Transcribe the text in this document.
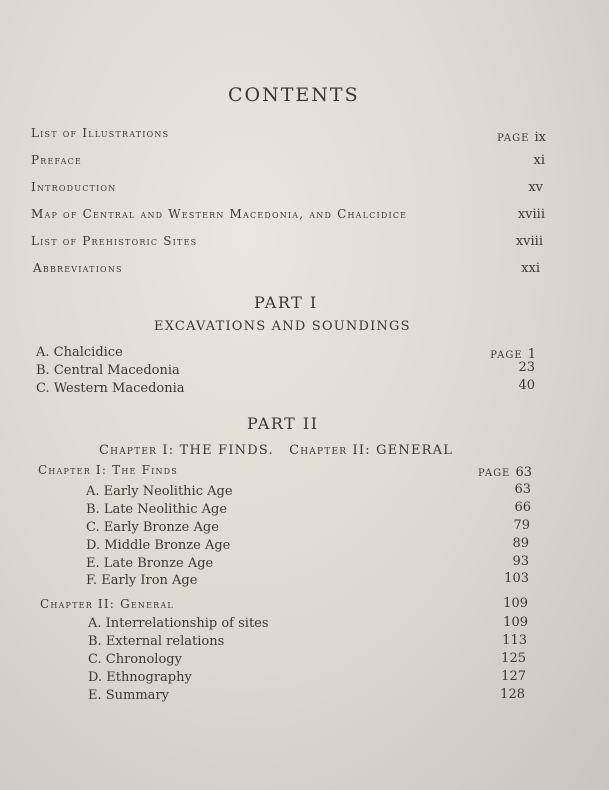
CONTENTS
List of Illustrations	PAGE ix
Preface	xi
Introduction	xv
Map of Central and Western Macedonia, and Chalcidice	xviii
List of Prehistoric Sites	xviii
Abbreviations	xxi
PART I
EXCAVATIONS AND SOUNDINGS
A. Chalcidice	PAGE 1
B. Central Macedonia	23
C. Western Macedonia	40
PART II
Chapter I: THE FINDS. Chapter II: GENERAL
Chapter I: The Finds	PAGE 63
A. Early Neolithic Age	63
B. Late Neolithic Age	66
C. Early Bronze Age	79
D. Middle Bronze Age	89
E. Late Bronze Age	93
F. Early Iron Age	103
Chapter II: General	109
A. Interrelationship of sites	109
B. External relations	113
C. Chronology	125
D. Ethnography	127
E. Summary	128
